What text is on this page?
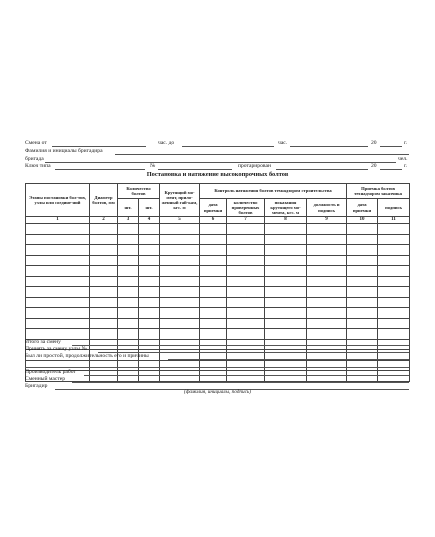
Смена от	час. до	час.	20	г.
Фамилия и инициалы бригадира
бригада	чел.
Ключ типа	№	протарирован	20	г.
Постановка и натяжение высокопрочных болтов
Этапы постановки бол-тов, узлы или соедине-ний	Диаметр болтов, мм	Количество болтов		Крутящий мо-мент, прило-женный гай-кам, кгс. м	Контроль натяжения болтов технадзором строительства				Приемка болтов технадзором заказчика	
		шт.	шт.		дата приемки	количество проверенных болтов	показания крутящего мо-мента, кгс. м	должность и подпись	дата приемки	подпись
1	2	3	4	5	6	7	8	9	10	11

Итого за смену
Принять за смену узлы №
Был ли простой, продолжительность его и причины
Производитель работ
Сменный мастер
Бригадир
(фамилия, инициалы, подпись)
